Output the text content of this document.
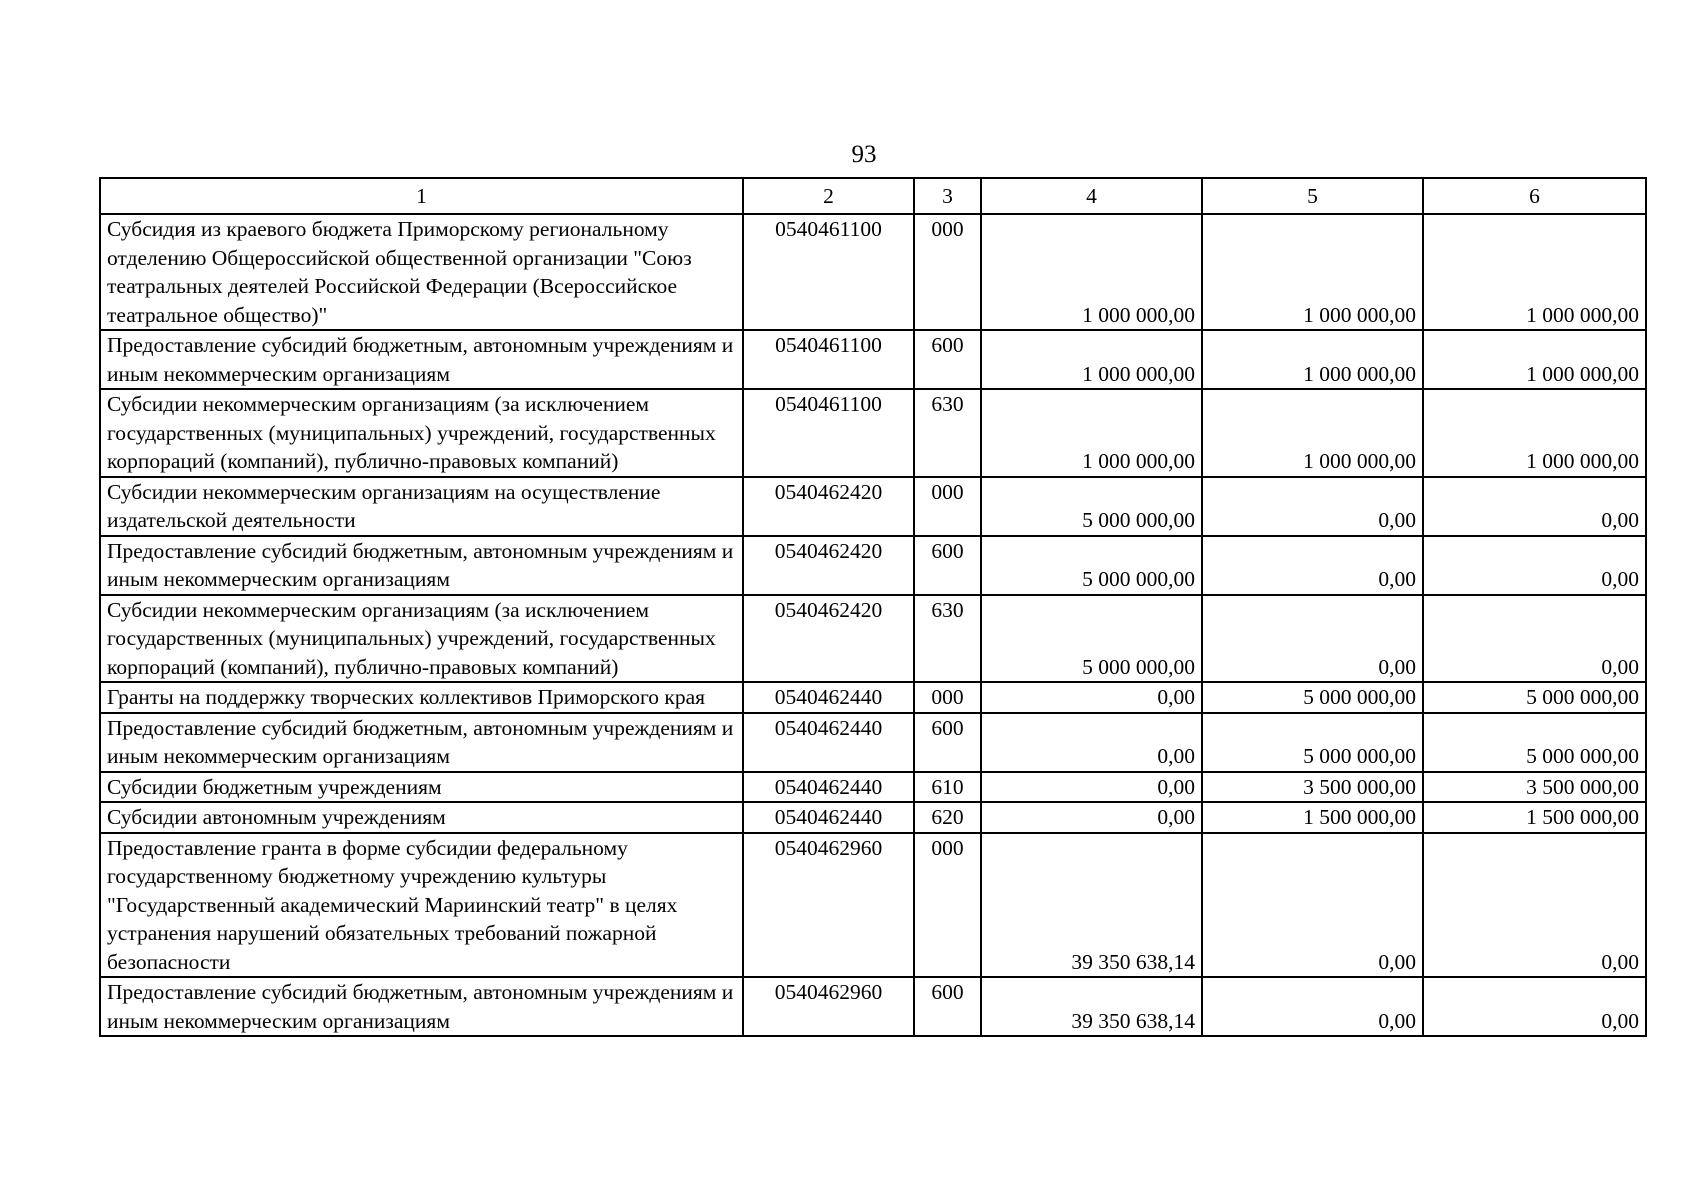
93
1	2	3	4	5	6
Субсидия из краевого бюджета Приморскому региональному отделению Общероссийской общественной организации "Союз театральных деятелей Российской Федерации (Всероссийское театральное общество)"	0540461100	000	1 000 000,00	1 000 000,00	1 000 000,00
Предоставление субсидий бюджетным, автономным учреждениям и иным некоммерческим организациям	0540461100	600	1 000 000,00	1 000 000,00	1 000 000,00
Субсидии некоммерческим организациям (за исключением государственных (муниципальных) учреждений, государственных корпораций (компаний), публично-правовых компаний)	0540461100	630	1 000 000,00	1 000 000,00	1 000 000,00
Субсидии некоммерческим организациям на осуществление издательской деятельности	0540462420	000	5 000 000,00	0,00	0,00
Предоставление субсидий бюджетным, автономным учреждениям и иным некоммерческим организациям	0540462420	600	5 000 000,00	0,00	0,00
Субсидии некоммерческим организациям (за исключением государственных (муниципальных) учреждений, государственных корпораций (компаний), публично-правовых компаний)	0540462420	630	5 000 000,00	0,00	0,00
Гранты на поддержку творческих коллективов Приморского края	0540462440	000	0,00	5 000 000,00	5 000 000,00
Предоставление субсидий бюджетным, автономным учреждениям и иным некоммерческим организациям	0540462440	600	0,00	5 000 000,00	5 000 000,00
Субсидии бюджетным учреждениям	0540462440	610	0,00	3 500 000,00	3 500 000,00
Субсидии автономным учреждениям	0540462440	620	0,00	1 500 000,00	1 500 000,00
Предоставление гранта в форме субсидии федеральному государственному бюджетному учреждению культуры "Государственный академический Мариинский театр" в целях устранения нарушений обязательных требований пожарной безопасности	0540462960	000	39 350 638,14	0,00	0,00
Предоставление субсидий бюджетным, автономным учреждениям и иным некоммерческим организациям	0540462960	600	39 350 638,14	0,00	0,00
